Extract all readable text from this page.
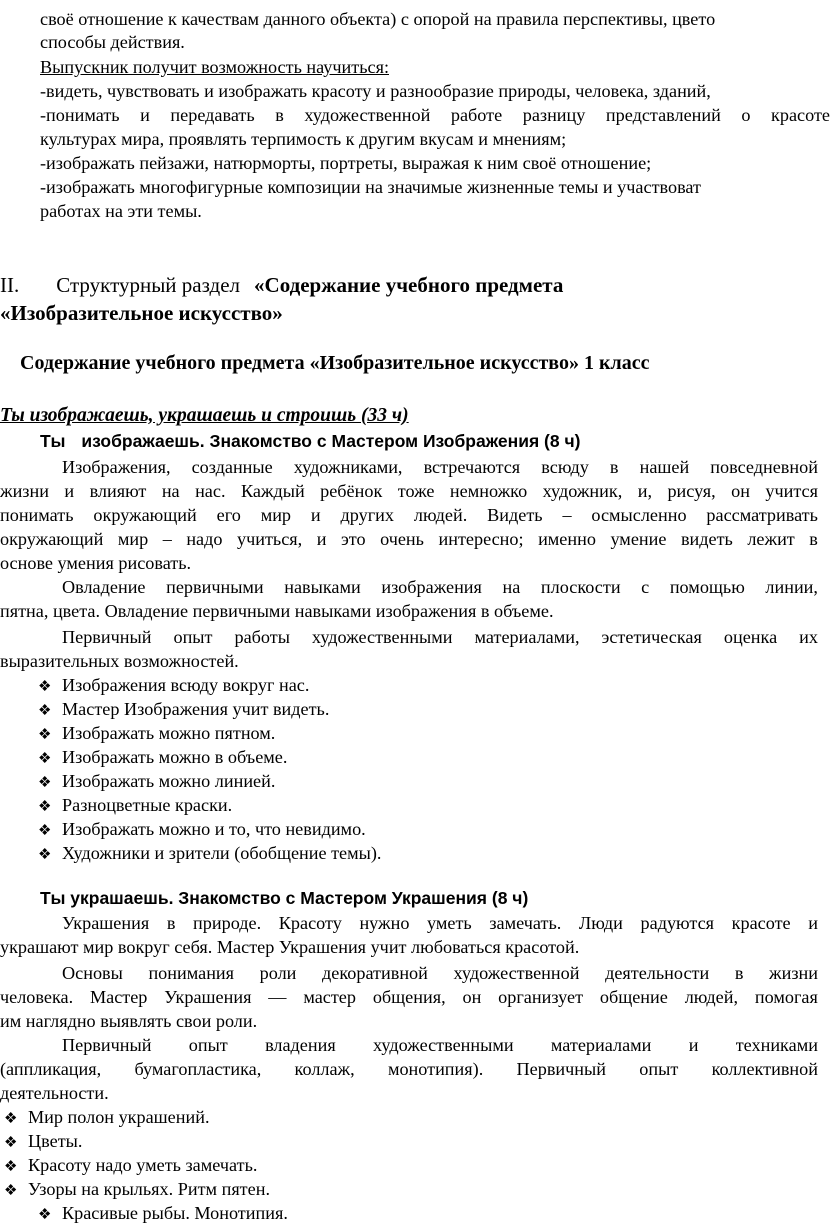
своё отношение к качествам данного объекта) с опорой на правила перспективы, цвето
способы действия.
Выпускник получит возможность научиться:
-видеть, чувствовать и изображать красоту и разнообразие природы, человека, зданий,
-понимать и передавать в художественной работе разницу представлений о красоте
культурах мира, проявлять терпимость к другим вкусам и мнениям;
-изображать пейзажи, натюрморты, портреты, выражая к ним своё отношение;
-изображать многофигурные композиции на значимые жизненные темы и участвоват
работах на эти темы.
II. Структурный раздел «Содержание учебного предмета
«Изобразительное искусство»
Содержание учебного предмета «Изобразительное искусство» 1 класс
Ты изображаешь, украшаешь и строишь (33 ч)
Ты изображаешь. Знакомство с Мастером Изображения (8 ч)
Изображения, созданные художниками, встречаются всюду в нашей повседневной
жизни и влияют на нас. Каждый ребёнок тоже немножко художник, и, рисуя, он учится
понимать окружающий его мир и других людей. Видеть – осмысленно рассматривать
окружающий мир – надо учиться, и это очень интересно; именно умение видеть лежит в
основе умения рисовать.
Овладение первичными навыками изображения на плоскости с помощью линии,
пятна, цвета. Овладение первичными навыками изображения в объеме.
Первичный опыт работы художественными материалами, эстетическая оценка их
выразительных возможностей.
❖ Изображения всюду вокруг нас.
❖ Мастер Изображения учит видеть.
❖ Изображать можно пятном.
❖ Изображать можно в объеме.
❖ Изображать можно линией.
❖ Разноцветные краски.
❖ Изображать можно и то, что невидимо.
❖ Художники и зрители (обобщение темы).
Ты украшаешь. Знакомство с Мастером Украшения (8 ч)
Украшения в природе. Красоту нужно уметь замечать. Люди радуются красоте и
украшают мир вокруг себя. Мастер Украшения учит любоваться красотой.
Основы понимания роли декоративной художественной деятельности в жизни
человека. Мастер Украшения — мастер общения, он организует общение людей, помогая
им наглядно выявлять свои роли.
Первичный опыт владения художественными материалами и техниками
(аппликация, бумагопластика, коллаж, монотипия). Первичный опыт коллективной
деятельности.
❖ Мир полон украшений.
❖ Цветы.
❖ Красоту надо уметь замечать.
❖ Узоры на крыльях. Ритм пятен.
❖ Красивые рыбы. Монотипия.
